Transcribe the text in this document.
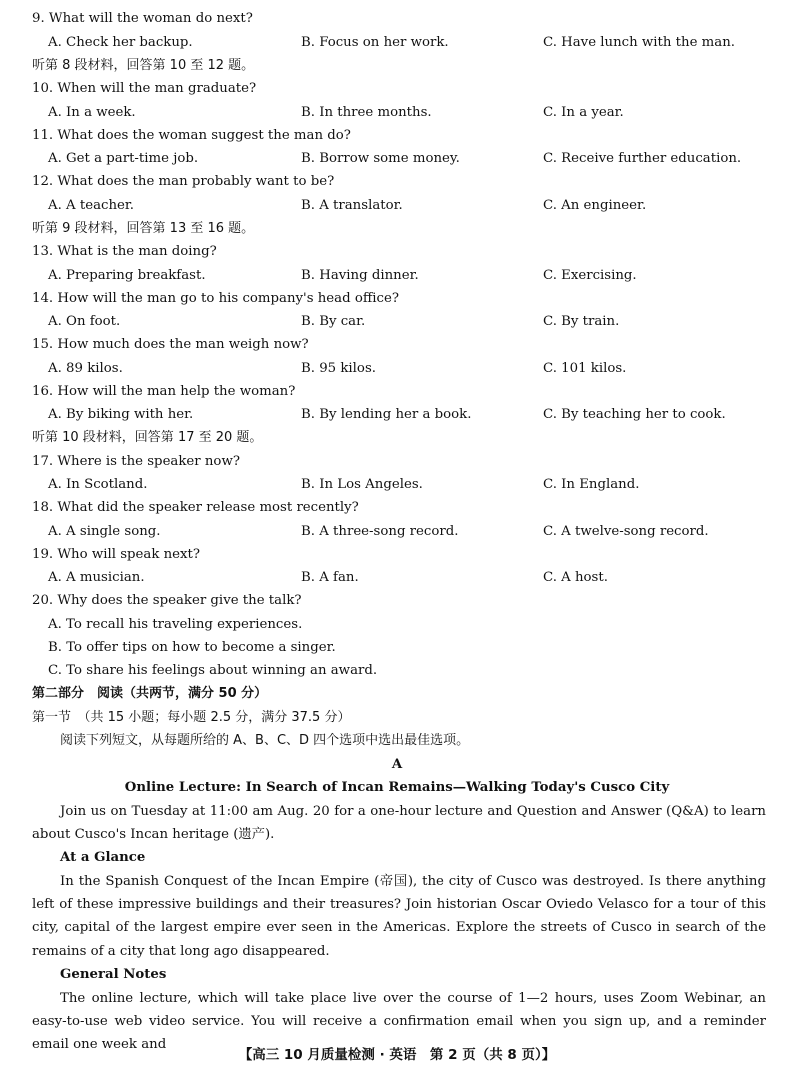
9. What will the woman do next?
A. Check her backup.	B. Focus on her work.	C. Have lunch with the man.
听第 8 段材料，回答第 10 至 12 题。
10. When will the man graduate?
A. In a week.	B. In three months.	C. In a year.
11. What does the woman suggest the man do?
A. Get a part-time job.	B. Borrow some money.	C. Receive further education.
12. What does the man probably want to be?
A. A teacher.	B. A translator.	C. An engineer.
听第 9 段材料，回答第 13 至 16 题。
13. What is the man doing?
A. Preparing breakfast.	B. Having dinner.	C. Exercising.
14. How will the man go to his company's head office?
A. On foot.	B. By car.	C. By train.
15. How much does the man weigh now?
A. 89 kilos.	B. 95 kilos.	C. 101 kilos.
16. How will the man help the woman?
A. By biking with her.	B. By lending her a book.	C. By teaching her to cook.
听第 10 段材料，回答第 17 至 20 题。
17. Where is the speaker now?
A. In Scotland.	B. In Los Angeles.	C. In England.
18. What did the speaker release most recently?
A. A single song.	B. A three-song record.	C. A twelve-song record.
19. Who will speak next?
A. A musician.	B. A fan.	C. A host.
20. Why does the speaker give the talk?
A. To recall his traveling experiences.
B. To offer tips on how to become a singer.
C. To share his feelings about winning an award.
第二部分　阅读（共两节，满分 50 分）
第一节　（共 15 小题；每小题 2.5 分，满分 37.5 分）
阅读下列短文，从每题所给的 A、B、C、D 四个选项中选出最佳选项。
A
Online Lecture: In Search of Incan Remains—Walking Today's Cusco City
Join us on Tuesday at 11:00 am Aug. 20 for a one-hour lecture and Question and Answer (Q&A) to learn about Cusco's Incan heritage (遗产).
At a Glance
In the Spanish Conquest of the Incan Empire (帝国), the city of Cusco was destroyed. Is there anything left of these impressive buildings and their treasures? Join historian Oscar Oviedo Velasco for a tour of this city, capital of the largest empire ever seen in the Americas. Explore the streets of Cusco in search of the remains of a city that long ago disappeared.
General Notes
The online lecture, which will take place live over the course of 1—2 hours, uses Zoom Webinar, an easy-to-use web video service. You will receive a confirmation email when you sign up, and a reminder email one week and
【高三 10 月质量检测 · 英语　第 2 页（共 8 页）】
